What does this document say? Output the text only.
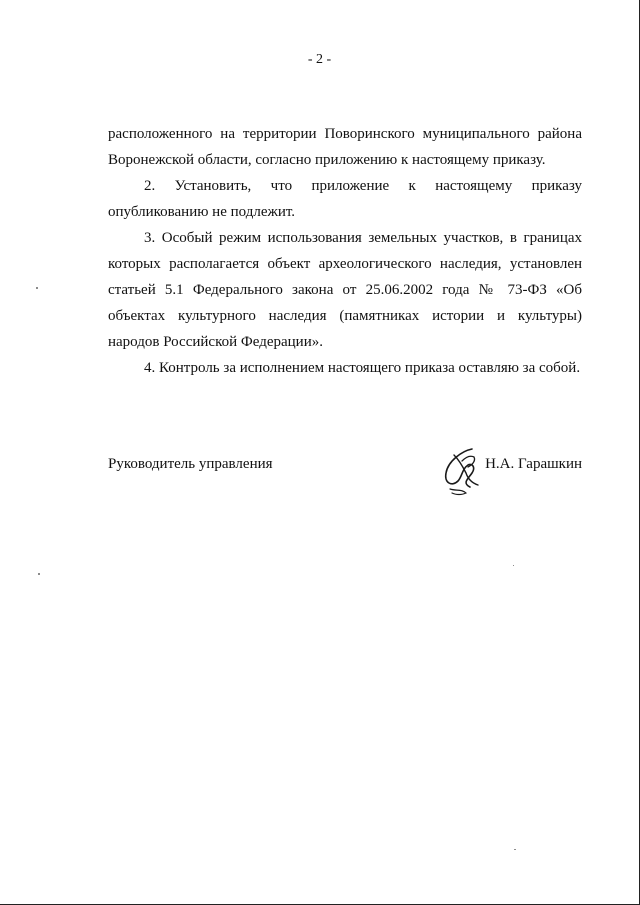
- 2 -

расположенного на территории Поворинского муниципального района Воронежской области, согласно приложению к настоящему приказу.

2. Установить, что приложение к настоящему приказу опубликованию не подлежит.

3. Особый режим использования земельных участков, в границах которых располагается объект археологического наследия, установлен статьей 5.1 Федерального закона от 25.06.2002 года № 73-ФЗ «Об объектах культурного наследия (памятниках истории и культуры) народов Российской Федерации».

4. Контроль за исполнением настоящего приказа оставляю за собой.

Руководитель управления	Н.А. Гарашкин
